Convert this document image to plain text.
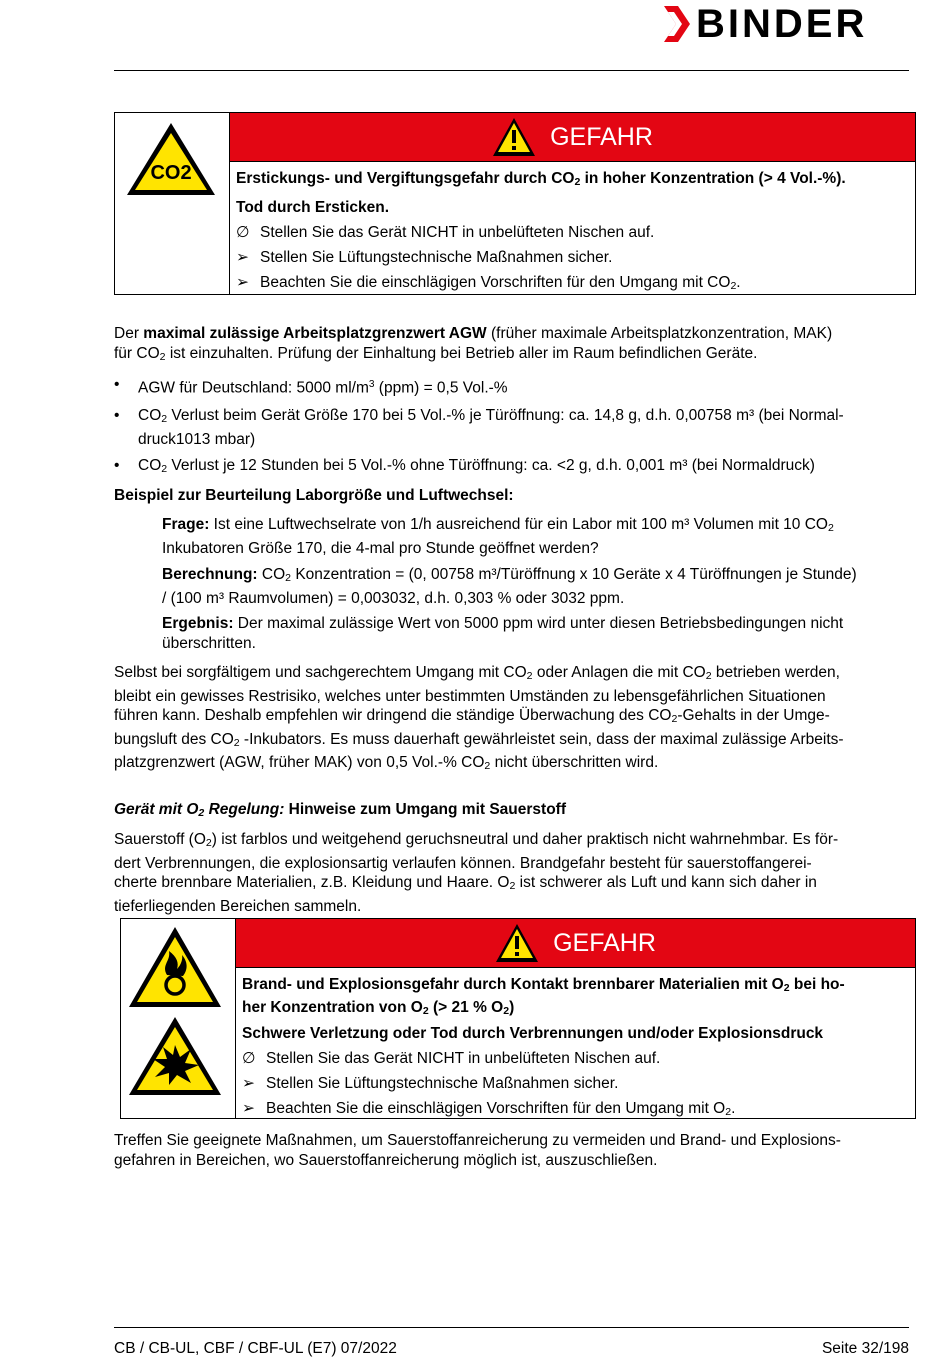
BINDER
CO2
GEFAHR
Erstickungs- und Vergiftungsgefahr durch $CO_2$ in hoher Konzentration (> 4 Vol.-%).
Tod durch Ersticken.
∅ Stellen Sie das Gerät NICHT in unbelüfteten Nischen auf.
➢ Stellen Sie Lüftungstechnische Maßnahmen sicher.
➢ Beachten Sie die einschlägigen Vorschriften für den Umgang mit $CO_2$.
Der maximal zulässige Arbeitsplatzgrenzwert AGW (früher maximale Arbeitsplatzkonzentration, MAK)
für $CO_2$ ist einzuhalten. Prüfung der Einhaltung bei Betrieb aller im Raum befindlichen Geräte.
• AGW für Deutschland: 5000 $ml/m^3$ (ppm) = 0,5 Vol.-%
• $CO_2$ Verlust beim Gerät Größe 170 bei 5 Vol.-% je Türöffnung: ca. 14,8 g, d.h. 0,00758 m³ (bei Normal-
druck1013 mbar)
• $CO_2$ Verlust je 12 Stunden bei 5 Vol.-% ohne Türöffnung: ca. <2 g, d.h. 0,001 m³ (bei Normaldruck)
Beispiel zur Beurteilung Laborgröße und Luftwechsel:
Frage: Ist eine Luftwechselrate von 1/h ausreichend für ein Labor mit 100 m³ Volumen mit 10 $CO_2$
Inkubatoren Größe 170, die 4-mal pro Stunde geöffnet werden?
Berechnung: $CO_2$ Konzentration = (0, 00758 m³/Türöffnung x 10 Geräte x 4 Türöffnungen je Stunde)
/ (100 m³ Raumvolumen) = 0,003032, d.h. 0,303 % oder 3032 ppm.
Ergebnis: Der maximal zulässige Wert von 5000 ppm wird unter diesen Betriebsbedingungen nicht
überschritten.
Selbst bei sorgfältigem und sachgerechtem Umgang mit $CO_2$ oder Anlagen die mit $CO_2$ betrieben werden,
bleibt ein gewisses Restrisiko, welches unter bestimmten Umständen zu lebensgefährlichen Situationen
führen kann. Deshalb empfehlen wir dringend die ständige Überwachung des $CO_2$-Gehalts in der Umge-
bungsluft des $CO_2$ -Inkubators. Es muss dauerhaft gewährleistet sein, dass der maximal zulässige Arbeits-
platzgrenzwert (AGW, früher MAK) von 0,5 Vol.-% $CO_2$ nicht überschritten wird.
Gerät mit $O_2$ Regelung: Hinweise zum Umgang mit Sauerstoff
Sauerstoff $(O_2)$ ist farblos und weitgehend geruchsneutral und daher praktisch nicht wahrnehmbar. Es för-
dert Verbrennungen, die explosionsartig verlaufen können. Brandgefahr besteht für sauerstoffangerei-
cherte brennbare Materialien, z.B. Kleidung und Haare. $O_2$ ist schwerer als Luft und kann sich daher in
tieferliegenden Bereichen sammeln.
GEFAHR
Brand- und Explosionsgefahr durch Kontakt brennbarer Materialien mit $O_2$ bei ho-
her Konzentration von $O_2$ (> 21 % $O_2$)
Schwere Verletzung oder Tod durch Verbrennungen und/oder Explosionsdruck
∅ Stellen Sie das Gerät NICHT in unbelüfteten Nischen auf.
➢ Stellen Sie Lüftungstechnische Maßnahmen sicher.
➢ Beachten Sie die einschlägigen Vorschriften für den Umgang mit $O_2$.
Treffen Sie geeignete Maßnahmen, um Sauerstoffanreicherung zu vermeiden und Brand- und Explosions-
gefahren in Bereichen, wo Sauerstoffanreicherung möglich ist, auszuschließen.
CB / CB-UL, CBF / CBF-UL (E7) 07/2022	Seite 32/198
